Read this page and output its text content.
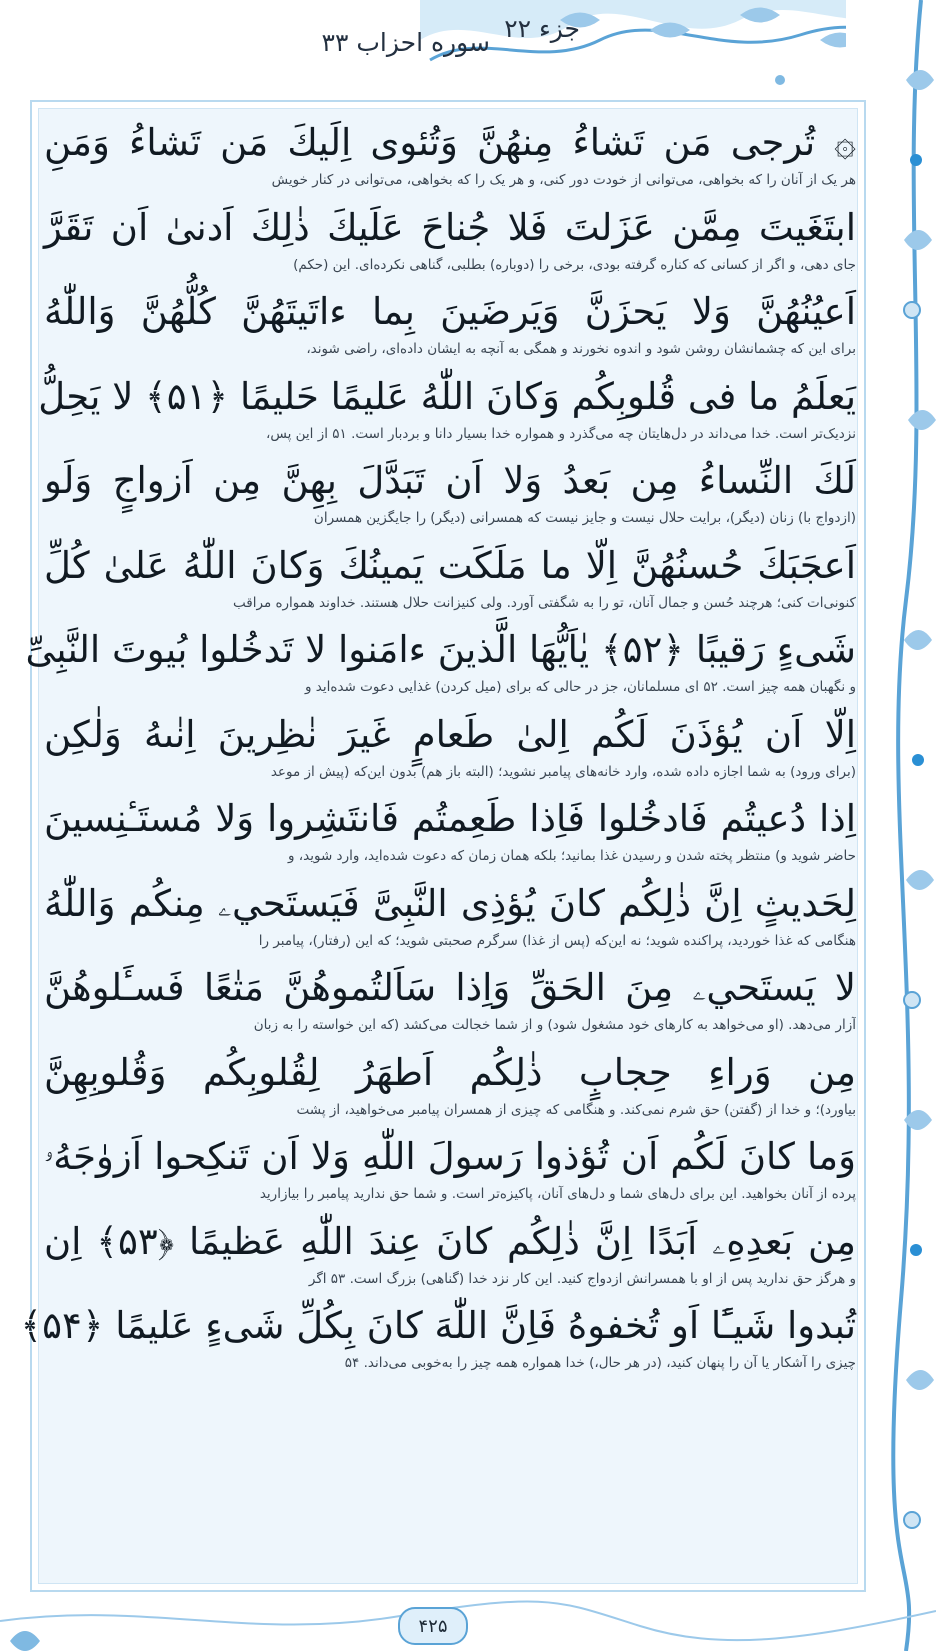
جزء ۲۲
سوره احزاب ۳۳
۞ تُرجى مَن تَشاءُ مِنهُنَّ وَتُئوى اِلَيكَ مَن تَشاءُ وَمَنِ
هر یک از آنان را که بخواهی، می‌توانی از خودت دور کنی، و هر یک را که بخواهی، می‌توانی در کنار خویش
ابتَغَيتَ مِمَّن عَزَلتَ فَلا جُناحَ عَلَيكَ ذٰلِكَ اَدنىٰ اَن تَقَرَّ
جای دهی، و اگر از کسانی که کناره گرفته بودی، برخی را (دوباره) بطلبی، گناهی نکرده‌ای. این (حکم)
اَعيُنُهُنَّ وَلا يَحزَنَّ وَيَرضَينَ بِما ءاتَيتَهُنَّ كُلُّهُنَّ وَاللّٰهُ
برای این که چشمانشان روشن شود و اندوه نخورند و همگی به آنچه به ایشان داده‌ای، راضی شوند،
يَعلَمُ ما فى قُلوبِكُم وَكانَ اللّٰهُ عَليمًا حَليمًا ﴿۵۱﴾ لا يَحِلُّ
نزدیک‌تر است. خدا می‌داند در دل‌هایتان چه می‌گذرد و همواره خدا بسیار دانا و بردبار است. ۵۱ از این پس،
لَكَ النِّساءُ مِن بَعدُ وَلا اَن تَبَدَّلَ بِهِنَّ مِن اَزواجٍ وَلَو
(ازدواج با) زنان (دیگر)، برایت حلال نیست و جایز نیست که همسرانی (دیگر) را جایگزین همسران
اَعجَبَكَ حُسنُهُنَّ اِلّا ما مَلَكَت يَمينُكَ وَكانَ اللّٰهُ عَلىٰ كُلِّ
کنونی‌ات کنی؛ هرچند حُسن و جمال آنان، تو را به شگفتی آورد. ولی کنیزانت حلال هستند. خداوند همواره مراقب
شَىءٍ رَقيبًا ﴿۵۲﴾ يٰاَيُّهَا الَّذينَ ءامَنوا لا تَدخُلوا بُيوتَ النَّبِىِّ
و نگهبان همه چیز است. ۵۲ ای مسلمانان، جز در حالی که برای (میل کردن) غذایی دعوت شده‌اید و
اِلّا اَن يُؤذَنَ لَكُم اِلىٰ طَعامٍ غَيرَ نٰظِرينَ اِنٰىهُ وَلٰكِن
(برای ورود) به شما اجازه داده شده، وارد خانه‌های پیامبر نشوید؛ (البته باز هم) بدون این‌که (پیش از موعد
اِذا دُعيتُم فَادخُلوا فَاِذا طَعِمتُم فَانتَشِروا وَلا مُستَـٔنِسينَ
حاضر شوید و) منتظر پخته شدن و رسیدن غذا بمانید؛ بلکه همان زمان که دعوت شده‌اید، وارد شوید، و
لِحَديثٍ اِنَّ ذٰلِكُم كانَ يُؤذِى النَّبِىَّ فَيَستَحيۦ مِنكُم وَاللّٰهُ
هنگامی که غذا خوردید، پراکنده شوید؛ نه این‌که (پس از غذا) سرگرم صحبتی شوید؛ که این (رفتار)، پیامبر را
لا يَستَحيۦ مِنَ الحَقِّ وَاِذا سَاَلتُموهُنَّ مَتٰعًا فَسـَٔلوهُنَّ
آزار می‌دهد. (او می‌خواهد به کارهای خود مشغول شود) و از شما خجالت می‌کشد (که این خواسته را به زبان
مِن وَراءِ حِجابٍ ذٰلِكُم اَطهَرُ لِقُلوبِكُم وَقُلوبِهِنَّ
بیاورد)؛ و خدا از (گفتن) حق شرم نمی‌کند. و هنگامی که چیزی از همسران پیامبر می‌خواهید، از پشت
وَما كانَ لَكُم اَن تُؤذوا رَسولَ اللّٰهِ وَلا اَن تَنكِحوا اَزوٰجَهُۥ
پرده از آنان بخواهید. این برای دل‌های شما و دل‌های آنان، پاکیزه‌تر است. و شما حق ندارید پیامبر را بیازارید
مِن بَعدِهِۦ اَبَدًا اِنَّ ذٰلِكُم كانَ عِندَ اللّٰهِ عَظيمًا ﴿۵۳﴾ اِن
و هرگز حق ندارید پس از او با همسرانش ازدواج کنید. این کار نزد خدا (گناهی) بزرگ است. ۵۳ اگر
تُبدوا شَيـًٔا اَو تُخفوهُ فَاِنَّ اللّٰهَ كانَ بِكُلِّ شَىءٍ عَليمًا ﴿۵۴﴾
چیزی را آشکار یا آن را پنهان کنید، (در هر حال،) خدا همواره همه چیز را به‌خوبی می‌داند. ۵۴
۴۲۵
